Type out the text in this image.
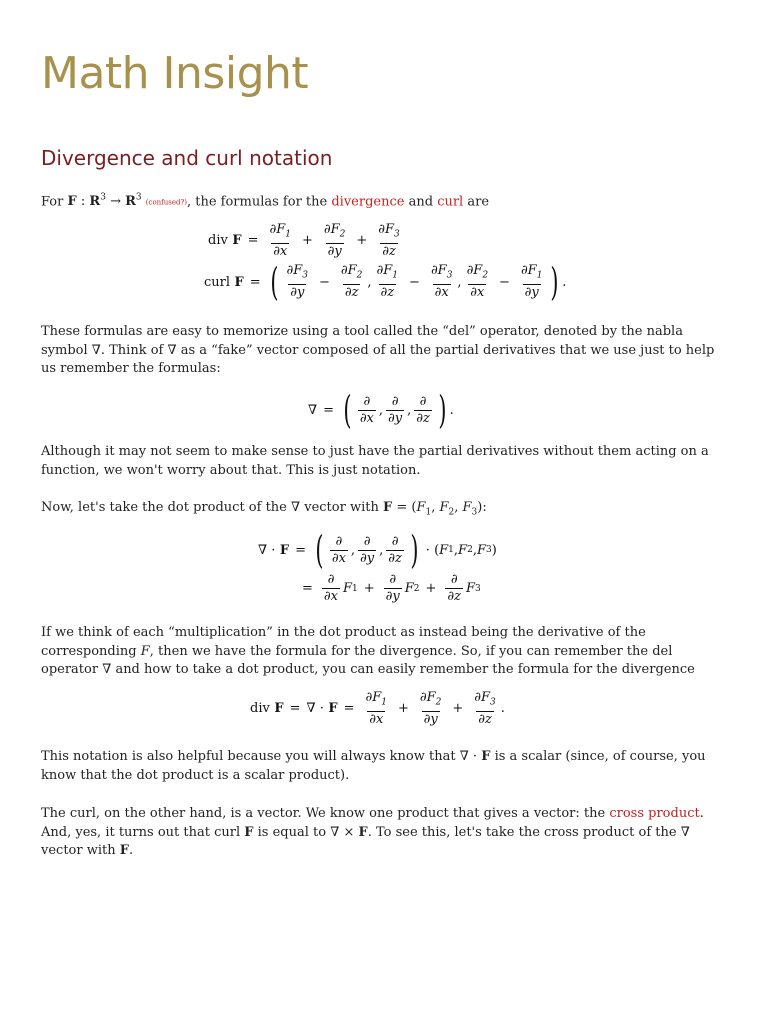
Math Insight
Divergence and curl notation

For F : $R^3 \to R^3$ (confused?), the formulas for the divergence and curl are

div $F = \frac{\partial F_1}{\partial x} + \frac{\partial F_2}{\partial y} + \frac{\partial F_3}{\partial z}$
curl F = ( $\frac{\partial F_3}{\partial y} - \frac{\partial F_2}{\partial z}$ , $\frac{\partial F_1}{\partial z} - \frac{\partial F_3}{\partial x}$ , $\frac{\partial F_2}{\partial x} - \frac{\partial F_1}{\partial y}$ ) .

These formulas are easy to memorize using a tool called the “del” operator, denoted by the nabla symbol ∇. Think of ∇ as a “fake” vector composed of all the partial derivatives that we use just to help us remember the formulas:

∇ = ( $\frac{\partial}{\partial x}$ , $\frac{\partial}{\partial y}$ , $\frac{\partial}{\partial z}$ ) .

Although it may not seem to make sense to just have the partial derivatives without them acting on a function, we won't worry about that. This is just notation.

Now, let's take the dot product of the ∇ vector with $F = (F_1$, $F_2$, $F_3$):

∇ · F = ( $\frac{\partial}{\partial x}$ , $\frac{\partial}{\partial y}$ , $\frac{\partial}{\partial z}$ ) · ( F 1 , F 2 , F 3 )
= $\frac{\partial}{\partial x}$ F $1 + \frac{\partial}{\partial y}$ F $2 + \frac{\partial}{\partial z}$ F 3

If we think of each “multiplication” in the dot product as instead being the derivative of the corresponding F, then we have the formula for the divergence. So, if you can remember the del operator ∇ and how to take a dot product, you can easily remember the formula for the divergence

div F = ∇ · $F = \frac{\partial F_1}{\partial x} + \frac{\partial F_2}{\partial y} + \frac{\partial F_3}{\partial z}$ .

This notation is also helpful because you will always know that ∇ · F is a scalar (since, of course, you know that the dot product is a scalar product).

The curl, on the other hand, is a vector. We know one product that gives a vector: the cross product. And, yes, it turns out that curl F is equal to ∇ × F. To see this, let's take the cross product of the ∇ vector with F.
